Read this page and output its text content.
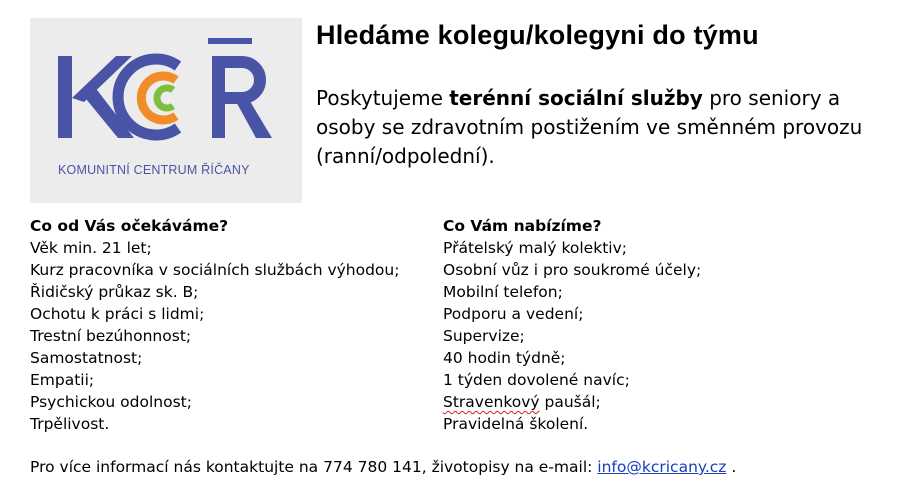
KOMUNITNÍ CENTRUM ŘÍČANY
Hledáme kolegu/kolegyni do týmu
Poskytujeme terénní sociální služby pro seniory a osoby se zdravotním postižením ve směnném provozu (ranní/odpolední).
Co od Vás očekáváme?
Věk min. 21 let;
Kurz pracovníka v sociálních službách výhodou;
Řidičský průkaz sk. B;
Ochotu k práci s lidmi;
Trestní bezúhonnost;
Samostatnost;
Empatii;
Psychickou odolnost;
Trpělivost.
Co Vám nabízíme?
Přátelský malý kolektiv;
Osobní vůz i pro soukromé účely;
Mobilní telefon;
Podporu a vedení;
Supervize;
40 hodin týdně;
1 týden dovolené navíc;
Stravenkový paušál;
Pravidelná školení.
Pro více informací nás kontaktujte na 774 780 141, životopisy na e-mail: info@kcricany.cz .
